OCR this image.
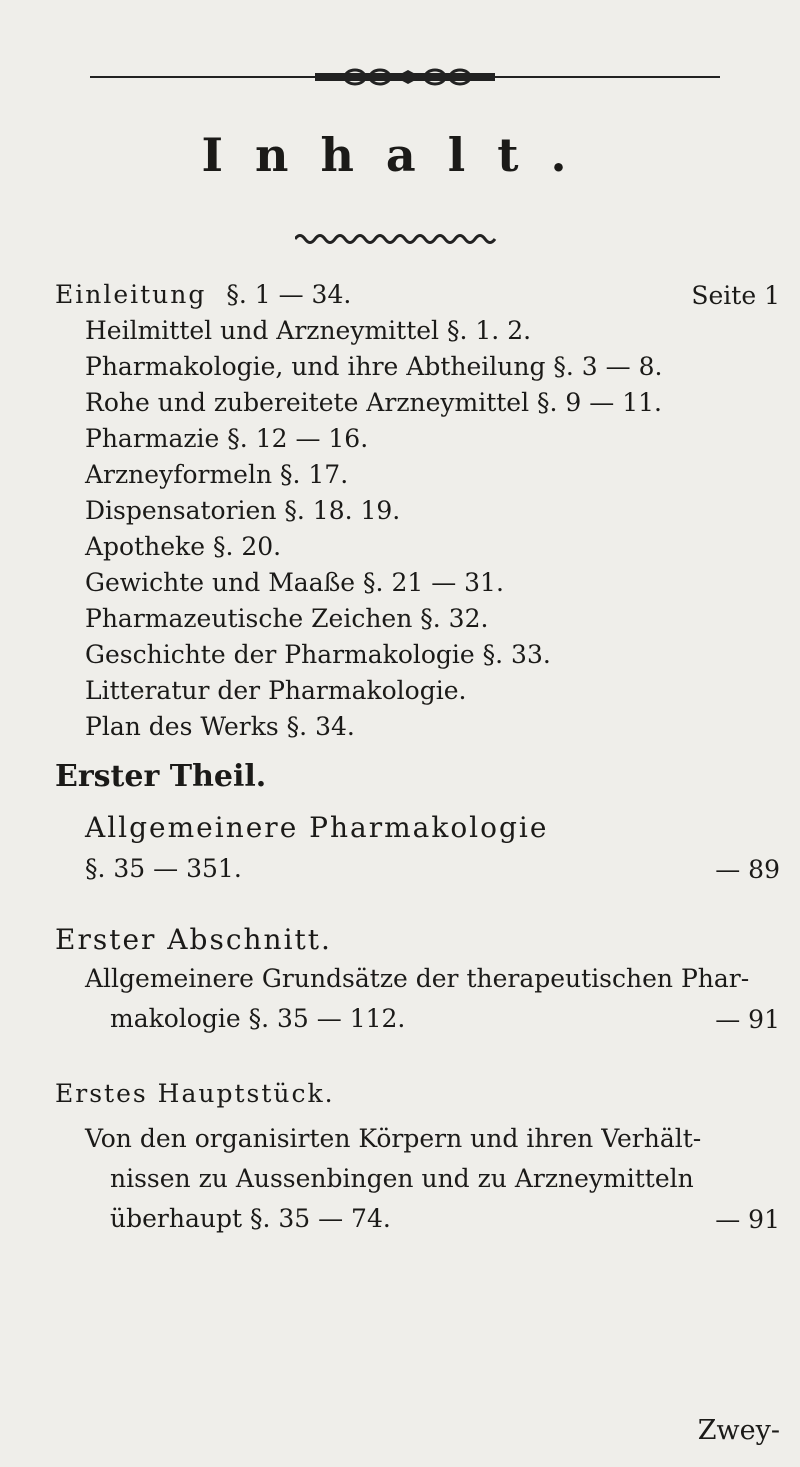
Inhalt.
Einleitung §. 1 — 34.	Seite 1
Heilmittel und Arzneymittel §. 1. 2.
Pharmakologie, und ihre Abtheilung §. 3 — 8.
Rohe und zubereitete Arzneymittel §. 9 — 11.
Pharmazie §. 12 — 16.
Arzneyformeln §. 17.
Dispensatorien §. 18. 19.
Apotheke §. 20.
Gewichte und Maaße §. 21 — 31.
Pharmazeutische Zeichen §. 32.
Geschichte der Pharmakologie §. 33.
Litteratur der Pharmakologie.
Plan des Werks §. 34.
Erster Theil.
Allgemeinere Pharmakologie
§. 35 — 351.	— 89
Erster Abschnitt.
Allgemeinere Grundsätze der therapeutischen Phar-
makologie §. 35 — 112.	— 91
Erstes Hauptstück.
Von den organisirten Körpern und ihren Verhält-
nissen zu Aussenbingen und zu Arzneymitteln
überhaupt §. 35 — 74.	— 91
Zwey-
